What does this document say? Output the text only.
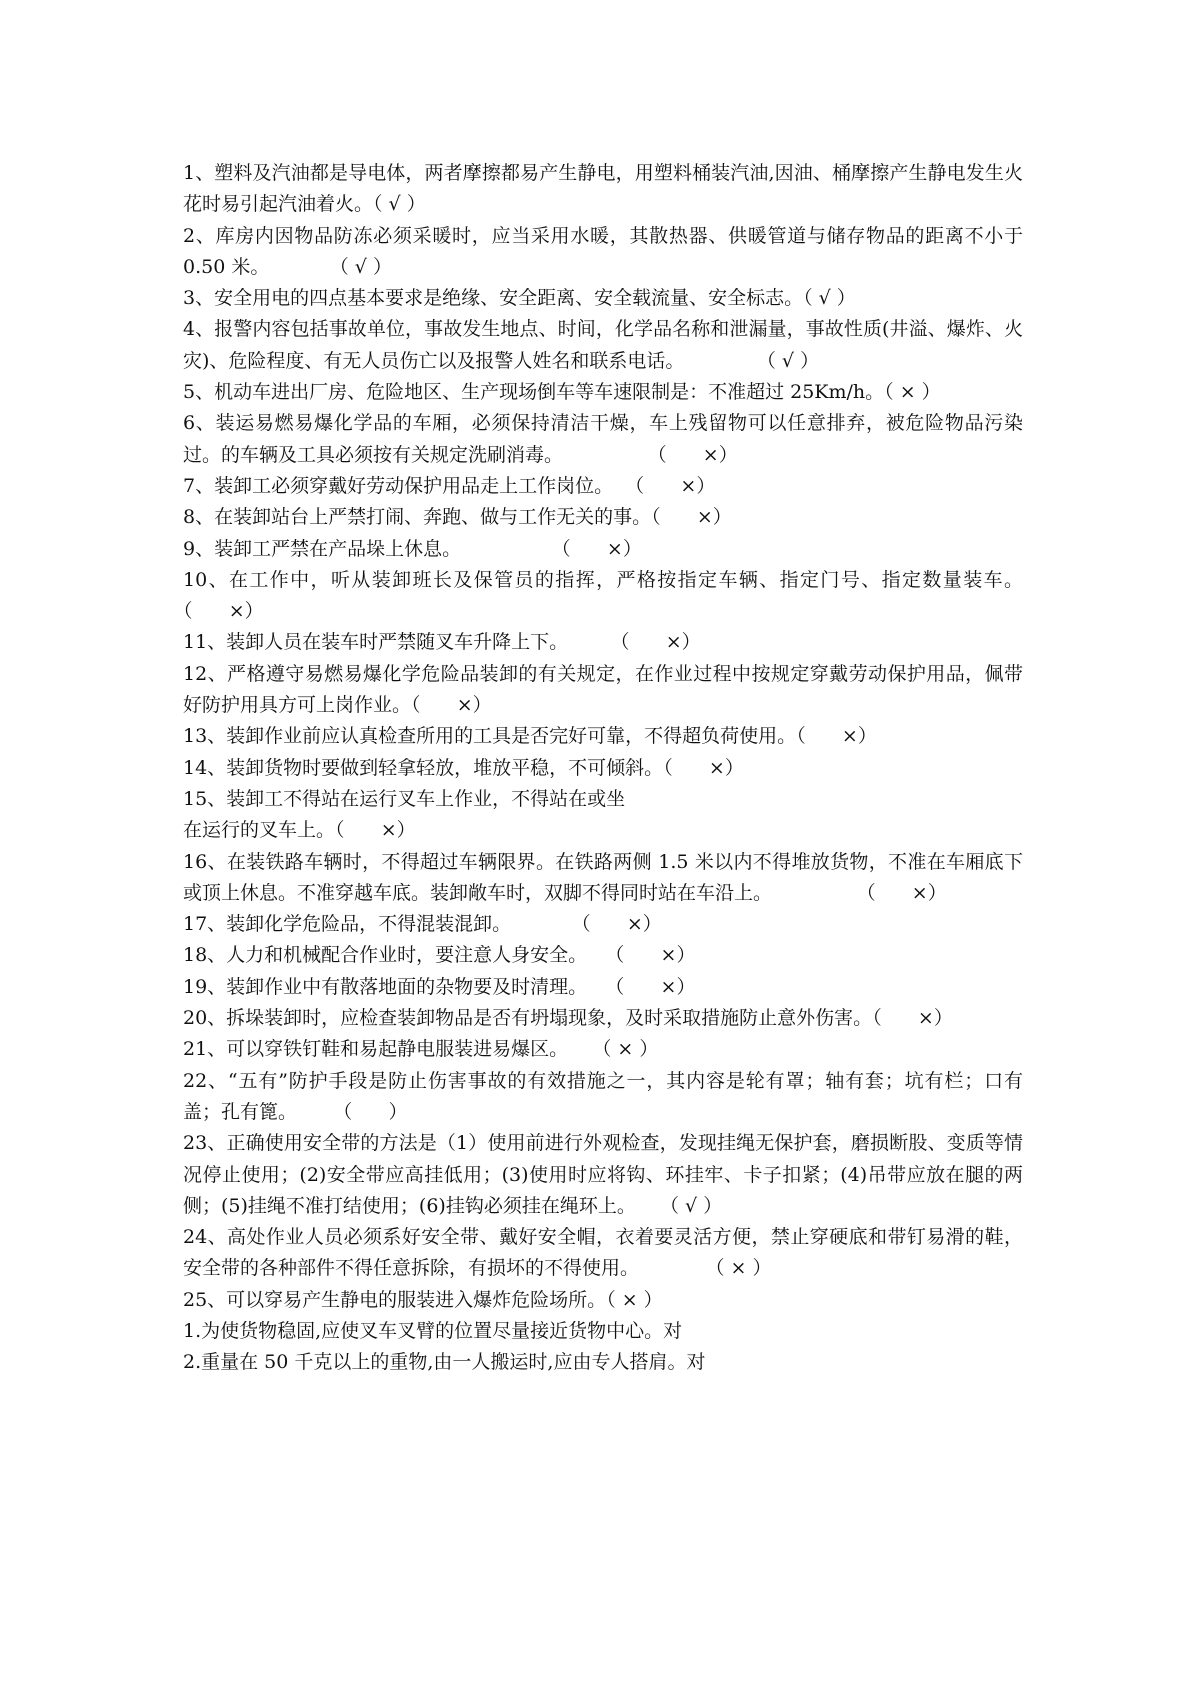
1、塑料及汽油都是导电体，两者摩擦都易产生静电，用塑料桶装汽油,因油、桶摩擦产生静电发生火花时易引起汽油着火。（ √ ）

2、库房内因物品防冻必须采暖时，应当采用水暖，其散热器、供暖管道与储存物品的距离不小于 0.50 米。          （ √ ）

3、安全用电的四点基本要求是绝缘、安全距离、安全载流量、安全标志。（ √ ）

4、报警内容包括事故单位，事故发生地点、时间，化学品名称和泄漏量，事故性质(井溢、爆炸、火灾)、危险程度、有无人员伤亡以及报警人姓名和联系电话。            （ √ ）

5、机动车进出厂房、危险地区、生产现场倒车等车速限制是：不准超过 25Km/h。（ × ）

6、装运易燃易爆化学品的车厢，必须保持清洁干燥，车上残留物可以任意排弃，被危险物品污染过。的车辆及工具必须按有关规定洗刷消毒。              （      ×）

7、装卸工必须穿戴好劳动保护用品走上工作岗位。  （      ×）

8、在装卸站台上严禁打闹、奔跑、做与工作无关的事。（      ×）

9、装卸工严禁在产品垛上休息。               （      ×）

10、在工作中，听从装卸班长及保管员的指挥，严格按指定车辆、指定门号、指定数量装车。（      ×）

11、装卸人员在装车时严禁随叉车升降上下。       （      ×）

12、严格遵守易燃易爆化学危险品装卸的有关规定，在作业过程中按规定穿戴劳动保护用品，佩带好防护用具方可上岗作业。（      ×）

13、装卸作业前应认真检查所用的工具是否完好可靠，不得超负荷使用。（      ×）

14、装卸货物时要做到轻拿轻放，堆放平稳，不可倾斜。（      ×）

15、装卸工不得站在运行叉车上作业，不得站在或坐
在运行的叉车上。（      ×）

16、在装铁路车辆时，不得超过车辆限界。在铁路两侧 1.5 米以内不得堆放货物，不准在车厢底下或顶上休息。不准穿越车底。装卸敞车时，双脚不得同时站在车沿上。              （      ×）

17、装卸化学危险品，不得混装混卸。          （      ×）

18、人力和机械配合作业时，要注意人身安全。   （      ×）

19、装卸作业中有散落地面的杂物要及时清理。   （      ×）

20、拆垛装卸时，应检查装卸物品是否有坍塌现象，及时采取措施防止意外伤害。（      ×）

21、可以穿铁钉鞋和易起静电服装进易爆区。    （ × ）

22、“五有”防护手段是防止伤害事故的有效措施之一，其内容是轮有罩；轴有套；坑有栏；口有盖；孔有篦。      （      ）

23、正确使用安全带的方法是（1）使用前进行外观检查，发现挂绳无保护套，磨损断股、变质等情况停止使用；(2)安全带应高挂低用；(3)使用时应将钩、环挂牢、卡子扣紧；(4)吊带应放在腿的两侧；(5)挂绳不准打结使用；(6)挂钩必须挂在绳环上。    （ √ ）

24、高处作业人员必须系好安全带、戴好安全帽，衣着要灵活方便，禁止穿硬底和带钉易滑的鞋，安全带的各种部件不得任意拆除，有损坏的不得使用。           （ × ）

25、可以穿易产生静电的服装进入爆炸危险场所。（ × ）

1.为使货物稳固,应使叉车叉臂的位置尽量接近货物中心。对

2.重量在 50 千克以上的重物,由一人搬运时,应由专人搭肩。对
